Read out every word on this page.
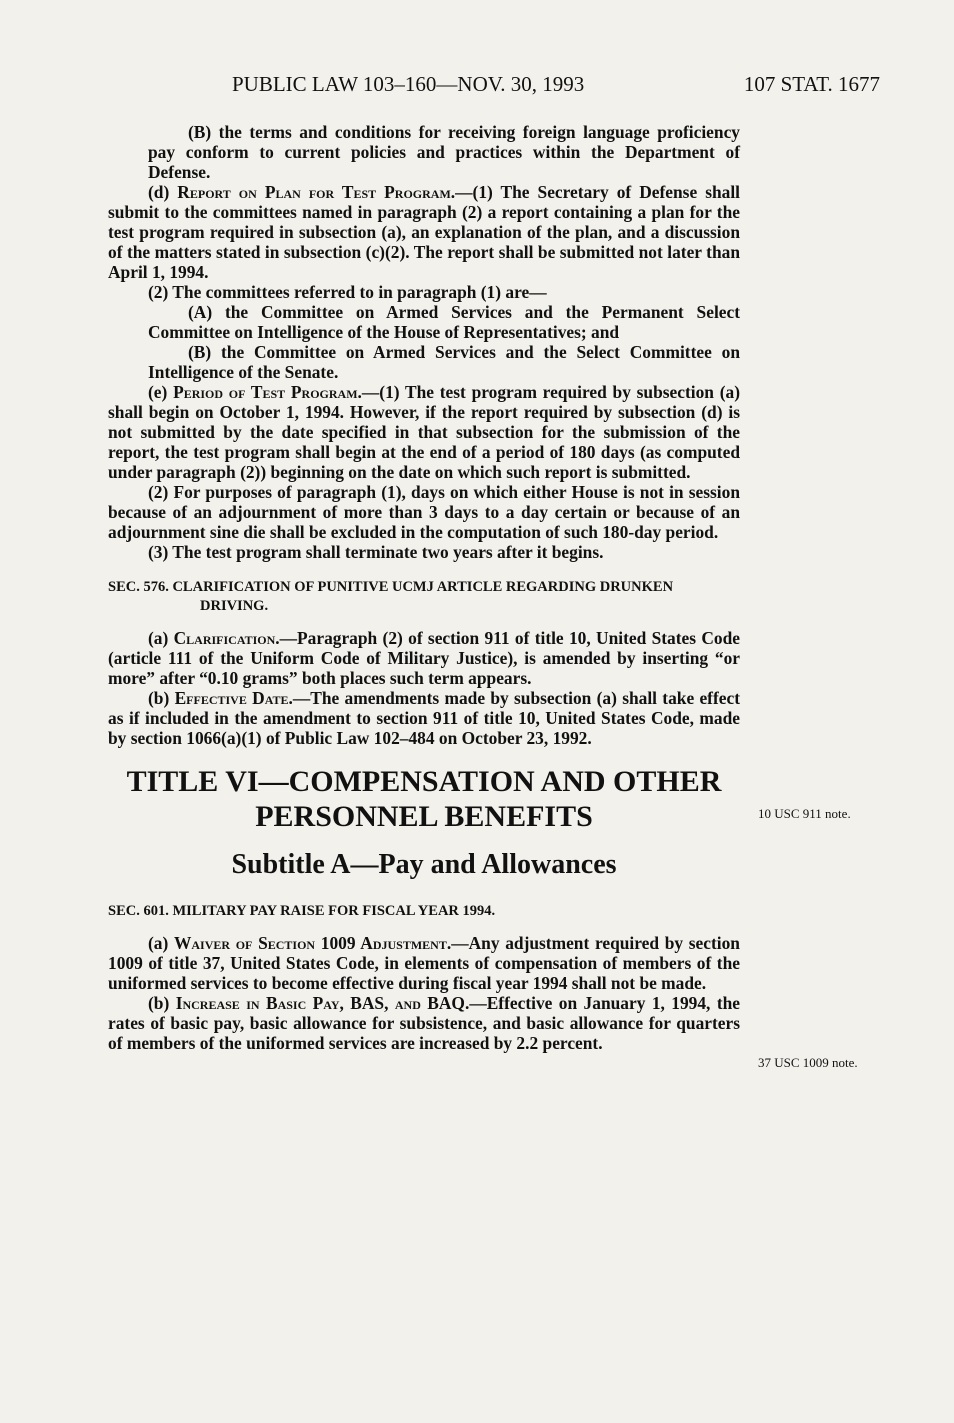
PUBLIC LAW 103–160—NOV. 30, 1993	107 STAT. 1677

(B) the terms and conditions for receiving foreign language proficiency pay conform to current policies and practices within the Department of Defense.

(d) Report on Plan for Test Program.—(1) The Secretary of Defense shall submit to the committees named in paragraph (2) a report containing a plan for the test program required in subsection (a), an explanation of the plan, and a discussion of the matters stated in subsection (c)(2). The report shall be submitted not later than April 1, 1994.

(2) The committees referred to in paragraph (1) are—

(A) the Committee on Armed Services and the Permanent Select Committee on Intelligence of the House of Representatives; and

(B) the Committee on Armed Services and the Select Committee on Intelligence of the Senate.

(e) Period of Test Program.—(1) The test program required by subsection (a) shall begin on October 1, 1994. However, if the report required by subsection (d) is not submitted by the date specified in that subsection for the submission of the report, the test program shall begin at the end of a period of 180 days (as computed under paragraph (2)) beginning on the date on which such report is submitted.

(2) For purposes of paragraph (1), days on which either House is not in session because of an adjournment of more than 3 days to a day certain or because of an adjournment sine die shall be excluded in the computation of such 180-day period.

(3) The test program shall terminate two years after it begins.

SEC. 576. CLARIFICATION OF PUNITIVE UCMJ ARTICLE REGARDING DRUNKEN DRIVING.

(a) Clarification.—Paragraph (2) of section 911 of title 10, United States Code (article 111 of the Uniform Code of Military Justice), is amended by inserting “or more” after “0.10 grams” both places such term appears.

(b) Effective Date.—The amendments made by subsection (a) shall take effect as if included in the amendment to section 911 of title 10, United States Code, made by section 1066(a)(1) of Public Law 102–484 on October 23, 1992.

TITLE VI—COMPENSATION AND OTHER PERSONNEL BENEFITS

Subtitle A—Pay and Allowances

SEC. 601. MILITARY PAY RAISE FOR FISCAL YEAR 1994.

(a) Waiver of Section 1009 Adjustment.—Any adjustment required by section 1009 of title 37, United States Code, in elements of compensation of members of the uniformed services to become effective during fiscal year 1994 shall not be made.

(b) Increase in Basic Pay, BAS, and BAQ.—Effective on January 1, 1994, the rates of basic pay, basic allowance for subsistence, and basic allowance for quarters of members of the uniformed services are increased by 2.2 percent.

10 USC 911 note.
37 USC 1009 note.
